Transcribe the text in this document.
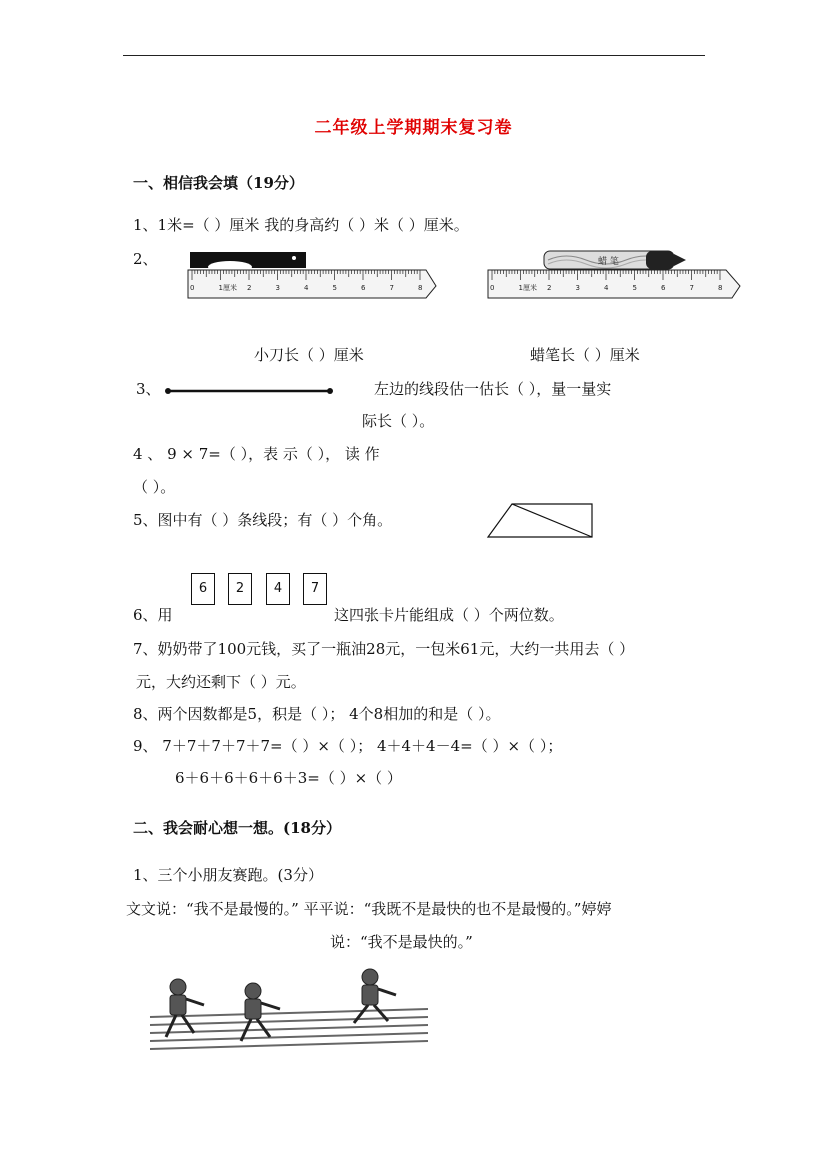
二年级上学期期末复习卷
一、相信我会填（19分）
1、1米=（ ）厘米 我的身高约（ ）米（ ）厘米。
2、
0	1厘米 2	3	4	5	6	7	8
蜡 笔
0	1厘米 2	3	4	5	6	7	8
小刀长（ ）厘米	蜡笔长（ ）厘米
3、	左边的线段估一估长（ ），量一量实
际长（ ）。
4 、 9 × 7=（ ），表 示（ ）， 读 作
（ ）。
5、图中有（ ）条线段；有（ ）个角。
6	2	4	7
6、用	这四张卡片能组成（ ）个两位数。
7、奶奶带了100元钱，买了一瓶油28元，一包米61元，大约一共用去（ ）
元，大约还剩下（ ）元。
8、两个因数都是5，积是（ ）； 4个8相加的和是（ ）。
9、 7＋7＋7＋7＋7=（ ）×（ ）； 4＋4＋4－4=（ ）×（ ）；
6＋6＋6＋6＋6＋3=（ ）×（ ）
二、我会耐心想一想。(18分）
1、三个小朋友赛跑。(3分）
文文说：“我不是最慢的。” 平平说：“我既不是最快的也不是最慢的。”婷婷
说：“我不是最快的。”
